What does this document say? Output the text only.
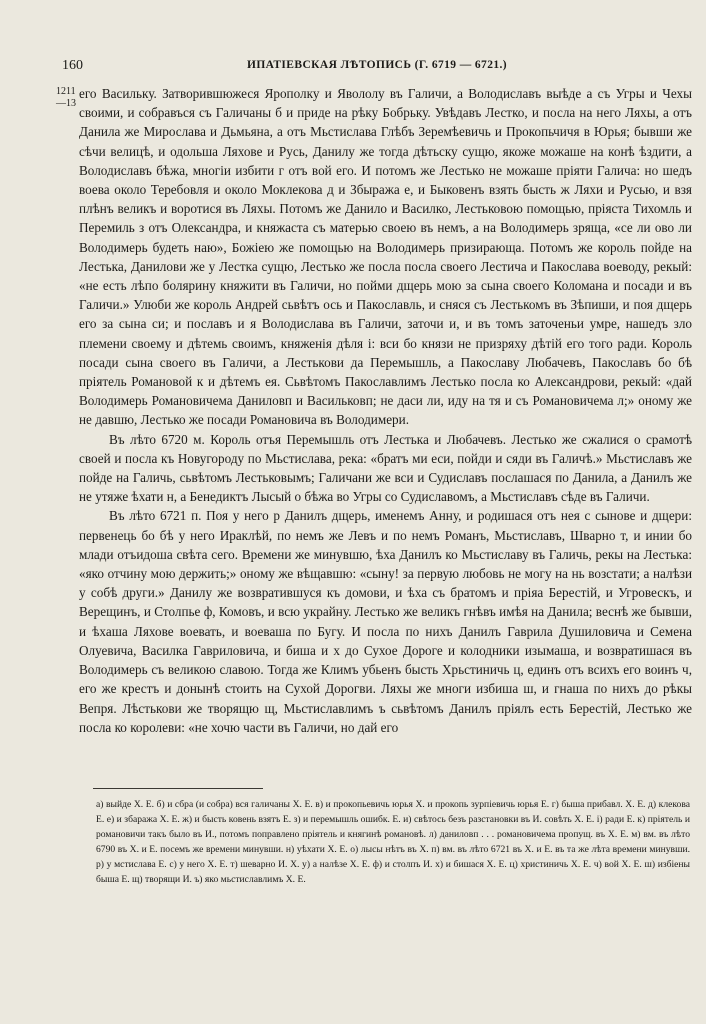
160	ИПАТІЕВСКАЯ ЛѢТОПИСЬ (Г. 6719 — 6721.)
1211
—13

его Васильку. Затворившюжеся Ярополку и Явололу въ Галичи, а Володиславъ выѣде а съ Угры и Чехы своими, и собравъся съ Галичаны б и приде на рѣку Бобрьку. Увѣдавъ Лестко, и посла на него Ляхы, а отъ Данила же Мирослава и Дьмьяна, а отъ Мьстислава Глѣбъ Зеремѣевичь и Прокопьчичя в Юрья; бывши же сѣчи велицѣ, и одольша Ляхове и Русь, Данилу же тогда дѣтьску сущю, якоже можаше на конѣ ѣздити, а Володиславъ бѣжа, многіи избити г отъ вой его. И потомъ же Лестько не можаше пріяти Галича: но шедъ воева около Теребовля и около Моклекова д и Збыража е, и Быковенъ взять бысть ж Ляхи и Русью, и взя плѣнъ великъ и воротися въ Ляхы. Потомъ же Данило и Василко, Лестьковою помощью, пріяста Тихомль и Перемиль з отъ Олександра, и княжаста съ матерью своею въ немъ, а на Володимерь зряща, «се ли ово ли Володимерь будеть наю», Божіею же помощью на Володимерь призирающа. Потомъ же король пойде на Лестька, Данилови же у Лестка сущю, Лестько же посла посла своего Лестича и Пакослава воеводу, рекый: «не есть лѣпо болярину княжити въ Галичи, но пойми дщерь мою за сына своего Коломана и посади и въ Галичи.» Улюби же король Андрей сьвѣтъ ось и Пакославль, и сняся съ Лестькомъ въ Зѣпиши, и поя дщерь его за сына си; и пославъ и я Володислава въ Галичи, заточи и, и въ томъ заточеньи умре, нашедъ зло племени своему и дѣтемь своимъ, княженія дѣля і: вси бо князи не призряху дѣтій его того ради. Король посади сына своего въ Галичи, а Лестькови да Перемышль, а Пакославу Любачевъ, Пакославъ бо бѣ пріятель Романовой к и дѣтемъ ея. Сьвѣтомъ Пакославлимъ Лестько посла ко Александрови, рекый: «дай Володимерь Романовичема Даниловп и Васильковп; не даси ли, иду на тя и съ Романовичема л;» оному же не давшю, Лестько же посади Романовича въ Володимери.

Въ лѣто 6720 м. Король отъя Перемышль отъ Лестька и Любачевъ. Лестько же сжалися о срамотѣ своей и посла къ Новугороду по Мьстислава, река: «братъ ми еси, пойди и сяди въ Галичѣ.» Мьстиславъ же пойде на Галичь, сьвѣтомъ Лестьковымъ; Галичани же вси и Судиславъ послашася по Данила, а Данилъ же не утяже ѣхати н, а Бенедиктъ Лысый о бѣжа во Угры со Судиславомъ, а Мьстиславъ сѣде въ Галичи.

Въ лѣто 6721 п. Поя у него р Данилъ дщерь, именемъ Анну, и родишася отъ нея с сынове и дщери: первенець бо бѣ у него Ираклѣй, по немъ же Левъ и по немъ Романъ, Мьстиславъ, Шварно т, и инии бо млади отъидоша свѣта сего. Времени же минувшю, ѣха Данилъ ко Мьстиславу въ Галичь, рекы на Лестька: «яко отчину мою держить;» оному же вѣщавшю: «сыну! за первую любовь не могу на нь возстати; а налѣзи у собѣ други.» Данилу же возвратившуся къ домови, и ѣха съ братомъ и пріяа Берестій, и Угровескъ, и Верещинъ, и Столпье ф, Комовъ, и всю украйну. Лестько же великъ гнѣвъ имѣя на Данила; веснѣ же бывши, и ѣхаша Ляхове воевать, и воеваша по Бугу. И посла по нихъ Данилъ Гаврила Душиловича и Семена Олуевича, Василка Гавриловича, и биша и х до Сухое Дороге и колодники изымаша, и возвратишася въ Володимерь съ великою славою. Тогда же Климъ убьенъ бысть Хрьстиничь ц, единъ отъ всихъ его воинъ ч, его же крестъ и донынѣ стоить на Сухой Дорогви. Ляхы же многи избиша ш, и гнаша по нихъ до рѣкы Вепря. Лѣстькови же творящю щ, Мьстиславлимъ ъ сьвѣтомъ Данилъ пріялъ есть Берестій, Лестько же посла ко королеви: «не хочю части въ Галичи, но дай его

а) выйде Х. Е. б) и сбра (и собра) вся галичаны Х. Е. в) и прокопьевичь юрья Х. и прокопь зурпіевичь юрья Е. г) быша прибавл. Х. Е. д) клекова Е. е) и збаража Х. Е. ж) и бысть ковень взятъ Е. з) и перемышль ошибк. Е. и) свѣтось безъ разстановки въ И. совѣть Х. Е. і) ради Е. к) пріятель и романовичи такъ было въ И., потомъ поправлено пріятель и княгинѣ романовѣ. л) даниловп . . . романовичема пропущ. въ Х. Е. м) вм. въ лѣто 6790 въ Х. и Е. посемъ же времени минувши. н) уѣхати Х. Е. о) лысы нѣтъ въ Х. п) вм. въ лѣто 6721 въ Х. и Е. въ та же лѣта времени минувши. р) у мстислава Е. с) у него Х. Е. т) шеварно И. Х. у) а налѣзе Х. Е. ф) и столпъ И. х) и бишася Х. Е. ц) христиничь Х. Е. ч) вой Х. Е. ш) избіены быша Е. щ) творящи И. ъ) яко мьстиславлимъ Х. Е.
